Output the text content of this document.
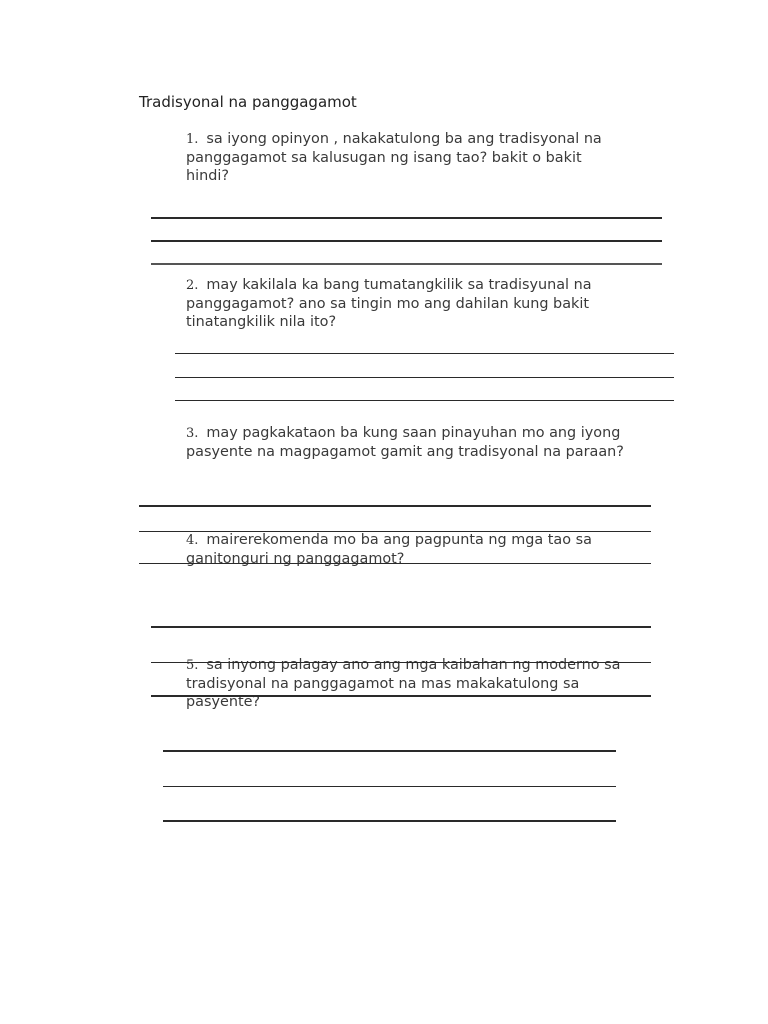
Tradisyonal na panggagamot
1. sa iyong opinyon , nakakatulong ba ang tradisyonal na
panggagamot sa kalusugan ng isang tao? bakit o bakit
hindi?
2. may kakilala ka bang tumatangkilik sa tradisyunal na
panggagamot? ano sa tingin mo ang dahilan kung bakit
tinatangkilik nila ito?
3. may pagkakataon ba kung saan pinayuhan mo ang iyong
pasyente na magpagamot gamit ang tradisyonal na paraan?
4. mairerekomenda mo ba ang pagpunta ng mga tao sa
ganitonguri ng panggagamot?
5. sa inyong palagay ano ang mga kaibahan ng moderno sa
tradisyonal na panggagamot na mas makakatulong sa
pasyente?
